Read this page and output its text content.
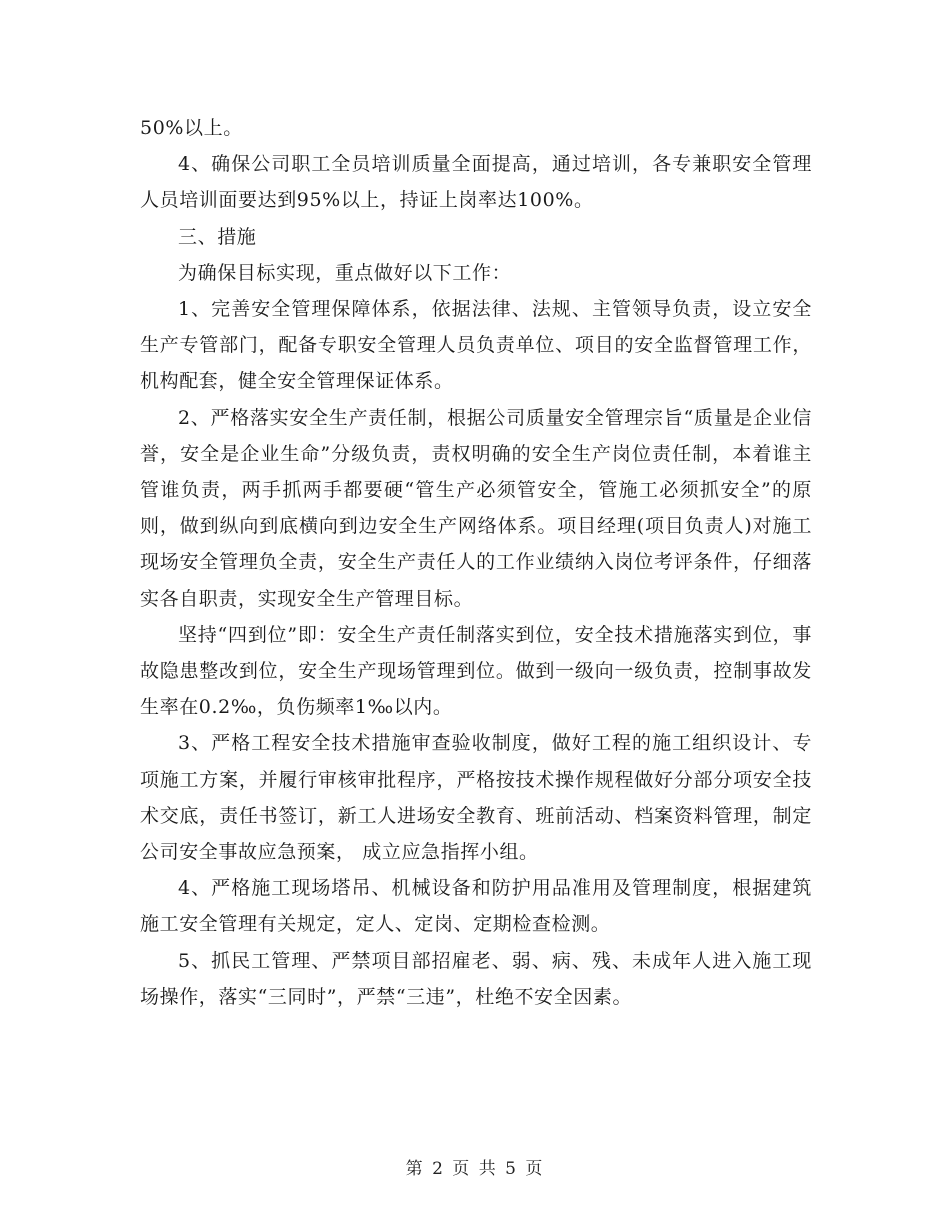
50%以上。

4、确保公司职工全员培训质量全面提高，通过培训，各专兼职安全管理人员培训面要达到95%以上，持证上岗率达100%。

三、措施

为确保目标实现，重点做好以下工作：

1、完善安全管理保障体系，依据法律、法规、主管领导负责，设立安全生产专管部门，配备专职安全管理人员负责单位、项目的安全监督管理工作，机构配套，健全安全管理保证体系。

2、严格落实安全生产责任制，根据公司质量安全管理宗旨“质量是企业信誉，安全是企业生命”分级负责，责权明确的安全生产岗位责任制，本着谁主管谁负责，两手抓两手都要硬“管生产必须管安全，管施工必须抓安全”的原则，做到纵向到底横向到边安全生产网络体系。项目经理(项目负责人)对施工现场安全管理负全责，安全生产责任人的工作业绩纳入岗位考评条件，仔细落实各自职责，实现安全生产管理目标。

坚持“四到位”即：安全生产责任制落实到位，安全技术措施落实到位，事故隐患整改到位，安全生产现场管理到位。做到一级向一级负责，控制事故发生率在0.2‰，负伤频率1‰以内。

3、严格工程安全技术措施审查验收制度，做好工程的施工组织设计、专项施工方案，并履行审核审批程序，严格按技术操作规程做好分部分项安全技术交底，责任书签订，新工人进场安全教育、班前活动、档案资料管理，制定公司安全事故应急预案， 成立应急指挥小组。

4、严格施工现场塔吊、机械设备和防护用品准用及管理制度，根据建筑施工安全管理有关规定，定人、定岗、定期检查检测。

5、抓民工管理、严禁项目部招雇老、弱、病、残、未成年人进入施工现场操作，落实“三同时”，严禁“三违”，杜绝不安全因素。

第 2 页 共 5 页
